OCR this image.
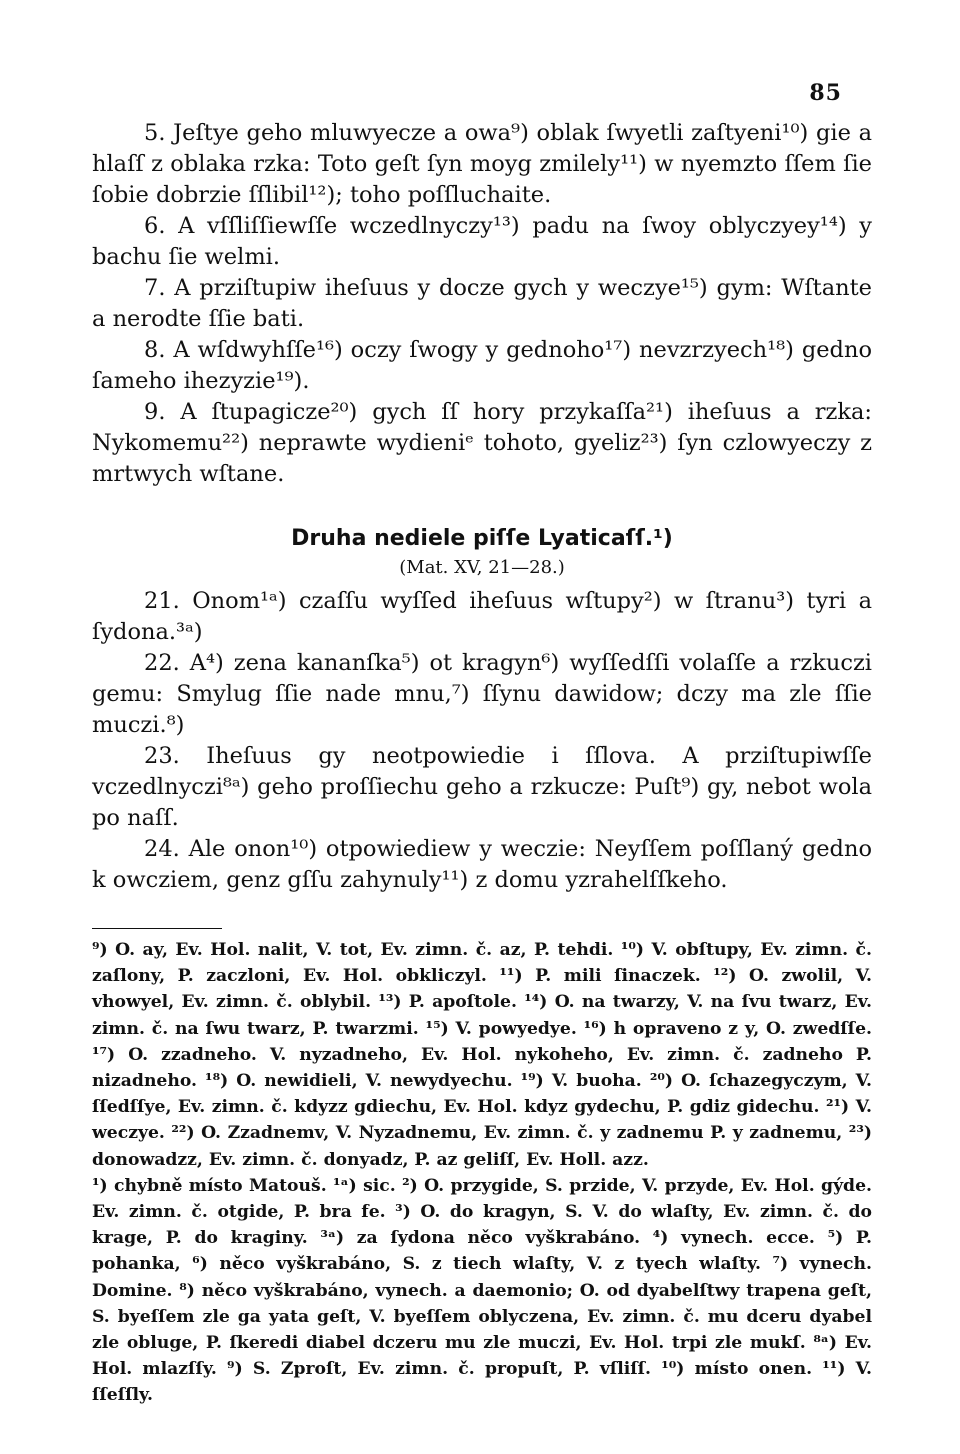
85

5. Jeſtye geho mluwyecze a owa⁹) oblak ſwyetli zaſtyeni¹⁰) gie a hlaſſ z oblaka rzka: Toto geſt ſyn moyg zmilely¹¹) w nyemzto ſſem ſie ſobie dobrzie ſſlibil¹²); toho poſſluchaite.

6. A vſſliſſiewſſe wczedlnyczy¹³) padu na ſwoy oblyczyey¹⁴) y bachu ſie welmi.

7. A prziſtupiw iheſuus y docze gych y weczye¹⁵) gym: Wſtante a nerodte ſſie bati.

8. A wſdwyhſſe¹⁶) oczy ſwogy y gednoho¹⁷) nevzrzyech¹⁸) gedno ſameho ihezyzie¹⁹).

9. A ſtupagicze²⁰) gych ſſ hory przykaſſa²¹) iheſuus a rzka: Nykomemu²²) neprawte wydieniᵉ tohoto, gyeliz²³) ſyn czlowyeczy z mrtwych wſtane.

Druha nediele piſſe Lyaticaſſ.¹)
(Mat. XV, 21—28.)

21. Onom¹ᵃ) czaſſu wyſſed iheſuus wſtupy²) w ſtranu³) tyri a ſydona.³ᵃ)

22. A⁴) zena kananſka⁵) ot kragyn⁶) wyſſedſſi volaſſe a rzkuczi gemu: Smylug ſſie nade mnu,⁷) ſſynu dawidow; dczy ma zle ſſie muczi.⁸)

23. Iheſuus gy neotpowiedie i ſſlova. A prziſtupiwſſe vczedlnyczi⁸ᵃ) geho proſſiechu geho a rzkucze: Puſt⁹) gy, nebot wola po naſſ.

24. Ale onon¹⁰) otpowiedіew y weczie: Neyſſem poſſlaný gedno k owcziem, genz gſſu zahynuly¹¹) z domu yzrahelſſkeho.

⁹) O. ay, Ev. Hol. nalit, V. tot, Ev. zimn. č. az, P. tehdi. ¹⁰) V. obſtupy, Ev. zimn. č. zaſlony, P. zaczloni, Ev. Hol. obkliczyl. ¹¹) P. mili ſinaczek. ¹²) O. zwolil, V. vhowyel, Ev. zimn. č. oblybil. ¹³) P. apoſtole. ¹⁴) O. na twarzy, V. na ſvu twarz, Ev. zimn. č. na ſwu twarz, P. twarzmi. ¹⁵) V. powyedye. ¹⁶) h opraveno z y, O. zwedſſe. ¹⁷) O. zzadneho. V. nyzadneho, Ev. Hol. nykoheho, Ev. zimn. č. zadneho P. nizadneho. ¹⁸) O. newidieli, V. newydyechu. ¹⁹) V. buoha. ²⁰) O. ſchazegyczym, V. ſſedſſye, Ev. zimn. č. kdyzz gdiechu, Ev. Hol. kdyz gydechu, P. gdiz gidechu. ²¹) V. weczye. ²²) O. Zzadnemv, V. Nyzadnemu, Ev. zimn. č. y zadnemu P. y zadnemu, ²³) donowadzz, Ev. zimn. č. donyadz, P. az geliſſ, Ev. Holl. azz.

¹) chybně místo Matouš. ¹ᵃ) sic. ²) O. przygide, S. przide, V. przyde, Ev. Hol. gýde. Ev. zimn. č. otgide, P. bra fe. ³) O. do kragyn, S. V. do wlaſty, Ev. zimn. č. do krage, P. do kraginy. ³ᵃ) za ſydona něco vyškrabáno. ⁴) vynech. ecce. ⁵) P. pohanka, ⁶) něco vyškrabáno, S. z tiech wlaſty, V. z tyech wlaſty. ⁷) vynech. Domine. ⁸) něco vyškrabáno, vynech. a daemonio; O. od dyabelſtwy trapena geſt, S. byeſſem zle ga yata geſt, V. byeſſem oblyczena, Ev. zimn. č. mu dceru dyabel zle obluge, P. ſkeredi diabel dczeru mu zle muczi, Ev. Hol. trpi zle mukſ. ⁸ᵃ) Ev. Hol. mlazſſy. ⁹) S. Zproſt, Ev. zimn. č. propuſt, P. vſliſſ. ¹⁰) místo onen. ¹¹) V. ſſeſſly.
